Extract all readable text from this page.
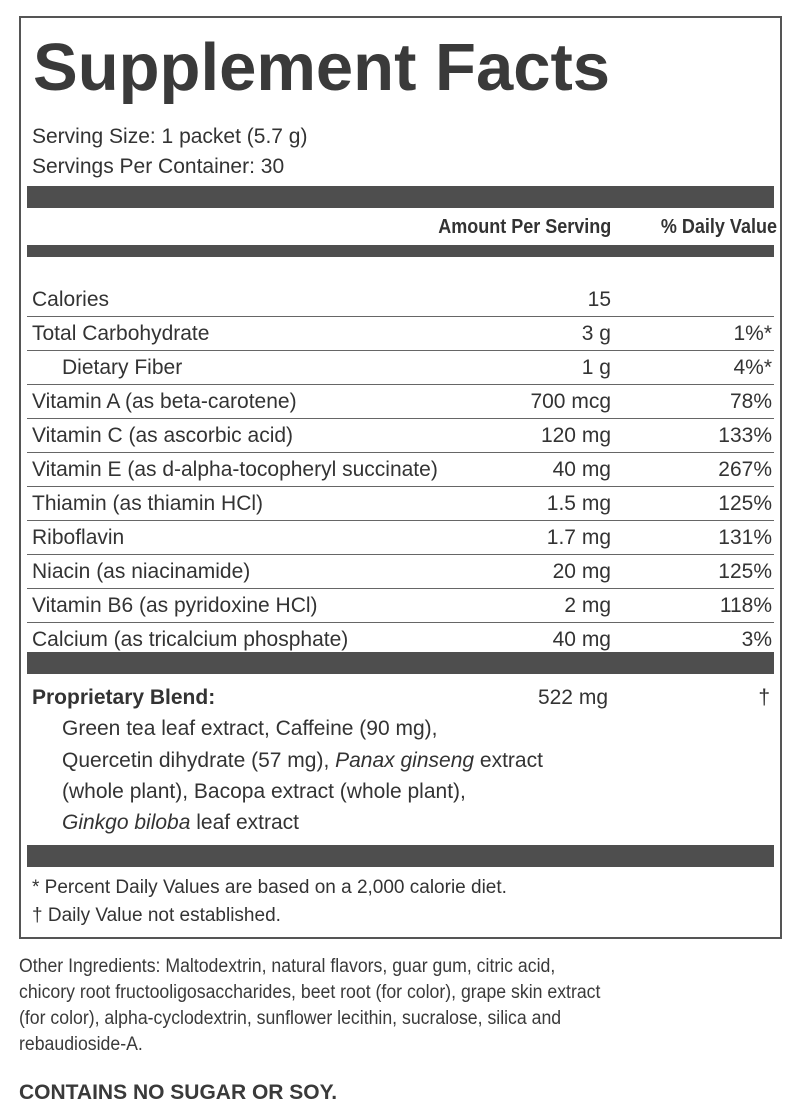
Supplement Facts
Serving Size: 1 packet (5.7 g)
Servings Per Container: 30
Amount Per Serving % Daily Value
Calories	15
Total Carbohydrate	3 g	1%*
Dietary Fiber	1 g	4%*
Vitamin A (as beta-carotene)	700 mcg	78%
Vitamin C (as ascorbic acid)	120 mg	133%
Vitamin E (as d-alpha-tocopheryl succinate)	40 mg	267%
Thiamin (as thiamin HCl)	1.5 mg	125%
Riboflavin	1.7 mg	131%
Niacin (as niacinamide)	20 mg	125%
Vitamin B6 (as pyridoxine HCl)	2 mg	118%
Calcium (as tricalcium phosphate)	40 mg	3%
Proprietary Blend:	522 mg	†
Green tea leaf extract, Caffeine (90 mg),
Quercetin dihydrate (57 mg), Panax ginseng extract
(whole plant), Bacopa extract (whole plant),
Ginkgo biloba leaf extract
* Percent Daily Values are based on a 2,000 calorie diet.
† Daily Value not established.
Other Ingredients: Maltodextrin, natural flavors, guar gum, citric acid,
chicory root fructooligosaccharides, beet root (for color), grape skin extract
(for color), alpha-cyclodextrin, sunflower lecithin, sucralose, silica and
rebaudioside-A.
CONTAINS NO SUGAR OR SOY.
